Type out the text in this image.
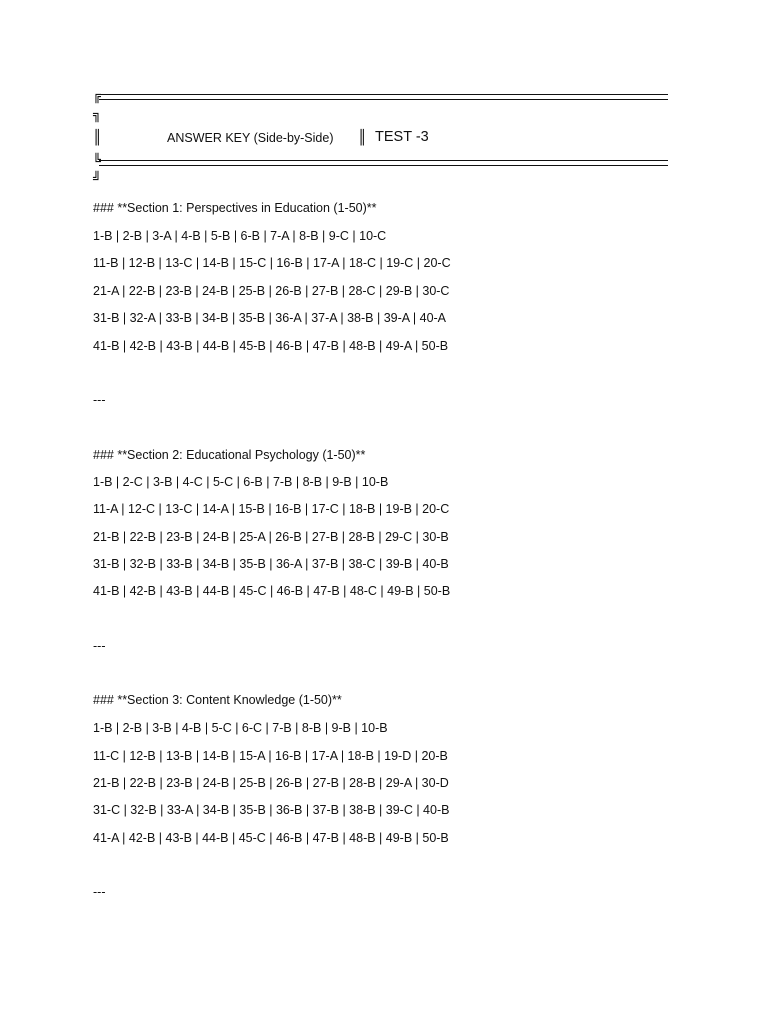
╔
╗
║	ANSWER KEY (Side-by-Side) ║ TEST -3
╚
╝
### **Section 1: Perspectives in Education (1-50)**
1-B | 2-B | 3-A | 4-B | 5-B | 6-B | 7-A | 8-B | 9-C | 10-C
11-B | 12-B | 13-C | 14-B | 15-C | 16-B | 17-A | 18-C | 19-C | 20-C
21-A | 22-B | 23-B | 24-B | 25-B | 26-B | 27-B | 28-C | 29-B | 30-C
31-B | 32-A | 33-B | 34-B | 35-B | 36-A | 37-A | 38-B | 39-A | 40-A
41-B | 42-B | 43-B | 44-B | 45-B | 46-B | 47-B | 48-B | 49-A | 50-B
---
### **Section 2: Educational Psychology (1-50)**
1-B | 2-C | 3-B | 4-C | 5-C | 6-B | 7-B | 8-B | 9-B | 10-B
11-A | 12-C | 13-C | 14-A | 15-B | 16-B | 17-C | 18-B | 19-B | 20-C
21-B | 22-B | 23-B | 24-B | 25-A | 26-B | 27-B | 28-B | 29-C | 30-B
31-B | 32-B | 33-B | 34-B | 35-B | 36-A | 37-B | 38-C | 39-B | 40-B
41-B | 42-B | 43-B | 44-B | 45-C | 46-B | 47-B | 48-C | 49-B | 50-B
---
### **Section 3: Content Knowledge (1-50)**
1-B | 2-B | 3-B | 4-B | 5-C | 6-C | 7-B | 8-B | 9-B | 10-B
11-C | 12-B | 13-B | 14-B | 15-A | 16-B | 17-A | 18-B | 19-D | 20-B
21-B | 22-B | 23-B | 24-B | 25-B | 26-B | 27-B | 28-B | 29-A | 30-D
31-C | 32-B | 33-A | 34-B | 35-B | 36-B | 37-B | 38-B | 39-C | 40-B
41-A | 42-B | 43-B | 44-B | 45-C | 46-B | 47-B | 48-B | 49-B | 50-B
---
